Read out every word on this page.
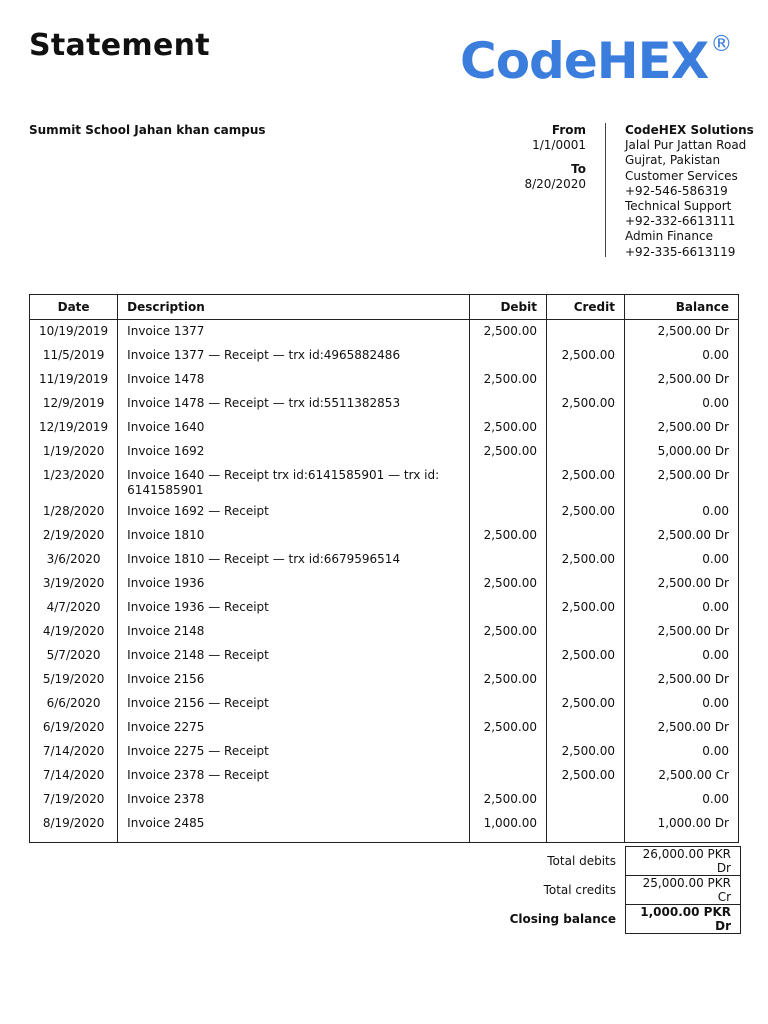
Statement	CodeHEX®
Summit School Jahan khan campus	From
1/1/0001
To
8/20/2020
CodeHEX Solutions
Jalal Pur Jattan Road
Gujrat, Pakistan
Customer Services
+92-546-586319
Technical Support
+92-332-6613111
Admin Finance
+92-335-6613119
Date	Description	Debit	Credit	Balance
10/19/2019	Invoice 1377	2,500.00		2,500.00 Dr
11/5/2019	Invoice 1377 — Receipt — trx id:4965882486		2,500.00	0.00
11/19/2019	Invoice 1478	2,500.00		2,500.00 Dr
12/9/2019	Invoice 1478 — Receipt — trx id:5511382853		2,500.00	0.00
12/19/2019	Invoice 1640	2,500.00		2,500.00 Dr
1/19/2020	Invoice 1692	2,500.00		5,000.00 Dr
1/23/2020	Invoice 1640 — Receipt trx id:6141585901 — trx id: 6141585901		2,500.00	2,500.00 Dr
1/28/2020	Invoice 1692 — Receipt		2,500.00	0.00
2/19/2020	Invoice 1810	2,500.00		2,500.00 Dr
3/6/2020	Invoice 1810 — Receipt — trx id:6679596514		2,500.00	0.00
3/19/2020	Invoice 1936	2,500.00		2,500.00 Dr
4/7/2020	Invoice 1936 — Receipt		2,500.00	0.00
4/19/2020	Invoice 2148	2,500.00		2,500.00 Dr
5/7/2020	Invoice 2148 — Receipt		2,500.00	0.00
5/19/2020	Invoice 2156	2,500.00		2,500.00 Dr
6/6/2020	Invoice 2156 — Receipt		2,500.00	0.00
6/19/2020	Invoice 2275	2,500.00		2,500.00 Dr
7/14/2020	Invoice 2275 — Receipt		2,500.00	0.00
7/14/2020	Invoice 2378 — Receipt		2,500.00	2,500.00 Cr
7/19/2020	Invoice 2378	2,500.00		0.00
8/19/2020	Invoice 2485	1,000.00		1,000.00 Dr
Total debits	26,000.00 PKR Dr
Total credits	25,000.00 PKR Cr
Closing balance	1,000.00 PKR Dr
